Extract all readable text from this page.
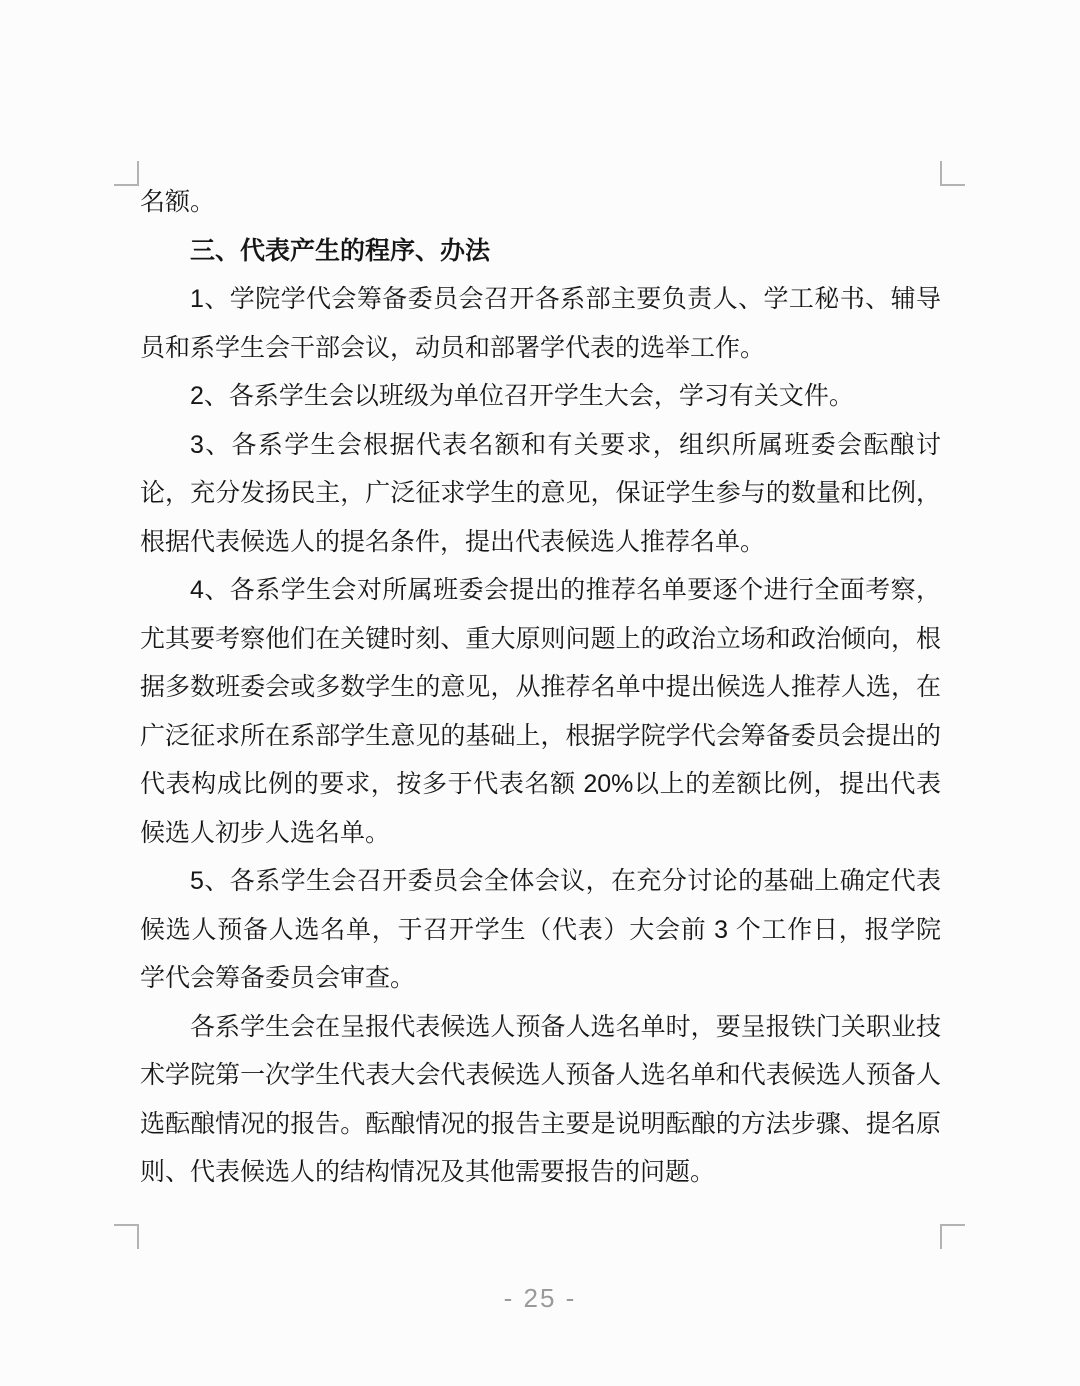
名额。

三、代表产生的程序、办法

1、学院学代会筹备委员会召开各系部主要负责人、学工秘书、辅导员和系学生会干部会议，动员和部署学代表的选举工作。

2、各系学生会以班级为单位召开学生大会，学习有关文件。

3、各系学生会根据代表名额和有关要求，组织所属班委会酝酿讨论，充分发扬民主，广泛征求学生的意见，保证学生参与的数量和比例，根据代表候选人的提名条件，提出代表候选人推荐名单。

4、各系学生会对所属班委会提出的推荐名单要逐个进行全面考察，尤其要考察他们在关键时刻、重大原则问题上的政治立场和政治倾向，根据多数班委会或多数学生的意见，从推荐名单中提出候选人推荐人选，在广泛征求所在系部学生意见的基础上，根据学院学代会筹备委员会提出的代表构成比例的要求，按多于代表名额 20%以上的差额比例，提出代表候选人初步人选名单。

5、各系学生会召开委员会全体会议，在充分讨论的基础上确定代表候选人预备人选名单，于召开学生（代表）大会前 3 个工作日，报学院学代会筹备委员会审查。

各系学生会在呈报代表候选人预备人选名单时，要呈报铁门关职业技术学院第一次学生代表大会代表候选人预备人选名单和代表候选人预备人选酝酿情况的报告。酝酿情况的报告主要是说明酝酿的方法步骤、提名原则、代表候选人的结构情况及其他需要报告的问题。

- 25 -
